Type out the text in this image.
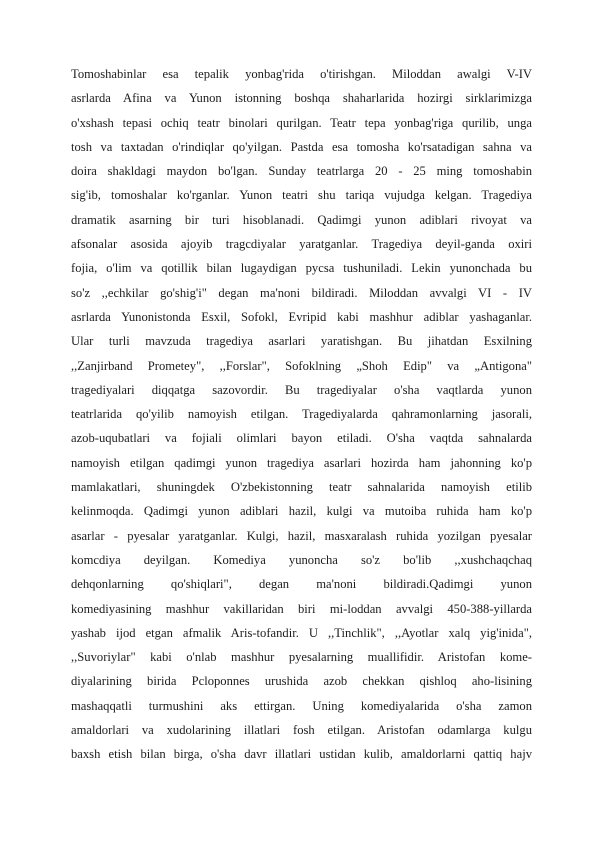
Tomoshabinlar esa tepalik yonbag'rida o'tirishgan. Miloddan awalgi V-IV
asrlarda Afina va Yunon istonning boshqa shaharlarida hozirgi sirklarimizga
o'xshash tepasi ochiq teatr binolari qurilgan. Teatr tepa yonbag'riga qurilib, unga
tosh va taxtadan o'rindiqlar qo'yilgan. Pastda esa tomosha ko'rsatadigan sahna va
doira shakldagi maydon bo'lgan. Sunday teatrlarga 20 - 25 ming tomoshabin
sig'ib, tomoshalar ko'rganlar. Yunon teatri shu tariqa vujudga kelgan. Tragediya
dramatik asarning bir turi hisoblanadi. Qadimgi yunon adiblari rivoyat va
afsonalar asosida ajoyib tragcdiyalar yaratganlar. Tragediya deyil-ganda oxiri
fojia, o'lim va qotillik bilan lugaydigan pycsa tushuniladi. Lekin yunonchada bu
so'z ,,echkilar go'shig'i" degan ma'noni bildiradi. Miloddan avvalgi VI - IV
asrlarda Yunonistonda Esxil, Sofokl, Evripid kabi mashhur adiblar yashaganlar.
Ular turli mavzuda tragediya asarlari yaratishgan. Bu jihatdan Esxilning
,,Zanjirband Prometey", ,,Forslar", Sofoklning „Shoh Edip" va „Antigona"
tragediyalari diqqatga sazovordir. Bu tragediyalar o'sha vaqtlarda yunon
teatrlarida qo'yilib namoyish etilgan. Tragediyalarda qahramonlarning jasorali,
azob-uqubatlari va fojiali olimlari bayon etiladi. O'sha vaqtda sahnalarda
namoyish etilgan qadimgi yunon tragediya asarlari hozirda ham jahonning ko'p
mamlakatlari, shuningdek O'zbekistonning teatr sahnalarida namoyish etilib
kelinmoqda. Qadimgi yunon adiblari hazil, kulgi va mutoiba ruhida ham ko'p
asarlar - pyesalar yaratganlar. Kulgi, hazil, masxaralash ruhida yozilgan pyesalar
komcdiya deyilgan. Komediya yunoncha so'z bo'lib ,,xushchaqchaq
dehqonlarning qo'shiqlari", degan ma'noni bildiradi.Qadimgi yunon
komediyasining mashhur vakillaridan biri mi-loddan avvalgi 450-388-yillarda
yashab ijod etgan afmalik Aris-tofandir. U ,,Tinchlik", ,,Ayotlar xalq yig'inida",
,,Suvoriylar" kabi o'nlab mashhur pyesalarning muallifidir. Aristofan kome-
diyalarining birida Pcloponnes urushida azob chekkan qishloq aho-lisining
mashaqqatli turmushini aks ettirgan. Uning komediyalarida o'sha zamon
amaldorlari va xudolarining illatlari fosh etilgan. Aristofan odamlarga kulgu
baxsh etish bilan birga, o'sha davr illatlari ustidan kulib, amaldorlarni qattiq hajv
